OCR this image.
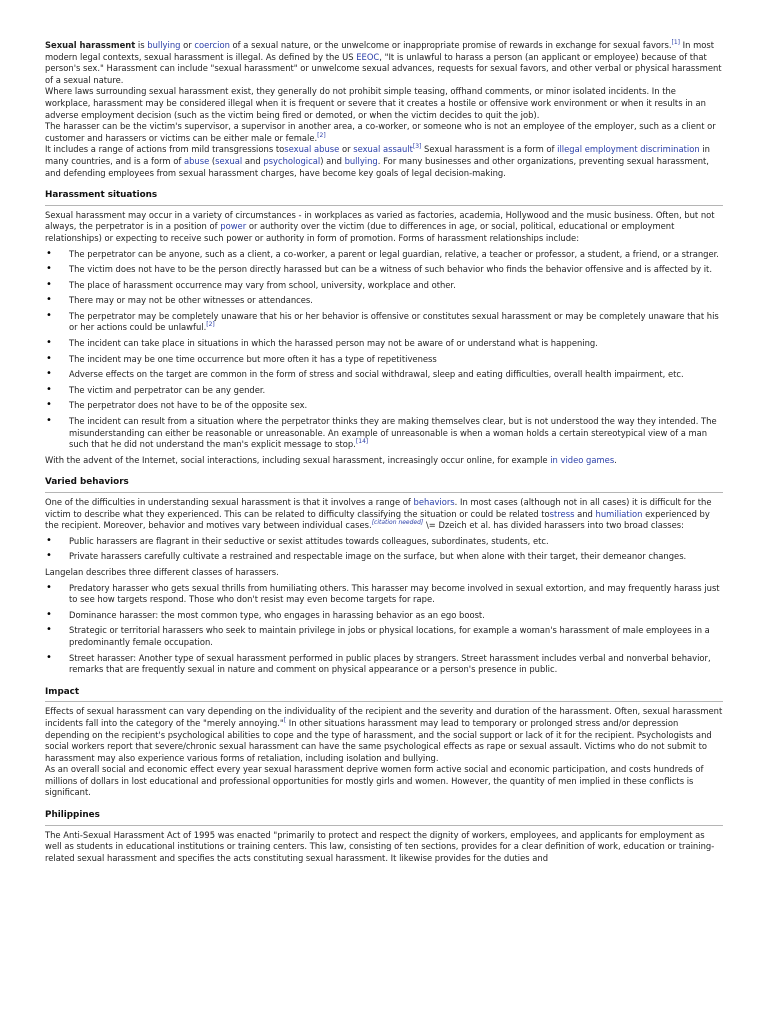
Sexual harassment is bullying or coercion of a sexual nature, or the unwelcome or inappropriate promise of rewards in exchange for sexual favors.[1] In most modern legal contexts, sexual harassment is illegal. As defined by the US EEOC, "It is unlawful to harass a person (an applicant or employee) because of that person's sex." Harassment can include "sexual harassment" or unwelcome sexual advances, requests for sexual favors, and other verbal or physical harassment of a sexual nature.

Where laws surrounding sexual harassment exist, they generally do not prohibit simple teasing, offhand comments, or minor isolated incidents. In the workplace, harassment may be considered illegal when it is frequent or severe that it creates a hostile or offensive work environment or when it results in an adverse employment decision (such as the victim being fired or demoted, or when the victim decides to quit the job).

The harasser can be the victim's supervisor, a supervisor in another area, a co-worker, or someone who is not an employee of the employer, such as a client or customer and harassers or victims can be either male or female.[2]

It includes a range of actions from mild transgressions tosexual abuse or sexual assault[3] Sexual harassment is a form of illegal employment discrimination in many countries, and is a form of abuse (sexual and psychological) and bullying. For many businesses and other organizations, preventing sexual harassment, and defending employees from sexual harassment charges, have become key goals of legal decision-making.

Harassment situations

Sexual harassment may occur in a variety of circumstances - in workplaces as varied as factories, academia, Hollywood and the music business. Often, but not always, the perpetrator is in a position of power or authority over the victim (due to differences in age, or social, political, educational or employment relationships) or expecting to receive such power or authority in form of promotion. Forms of harassment relationships include:

• The perpetrator can be anyone, such as a client, a co-worker, a parent or legal guardian, relative, a teacher or professor, a student, a friend, or a stranger.
• The victim does not have to be the person directly harassed but can be a witness of such behavior who finds the behavior offensive and is affected by it.
• The place of harassment occurrence may vary from school, university, workplace and other.
• There may or may not be other witnesses or attendances.
• The perpetrator may be completely unaware that his or her behavior is offensive or constitutes sexual harassment or may be completely unaware that his or her actions could be unlawful.[2]
• The incident can take place in situations in which the harassed person may not be aware of or understand what is happening.
• The incident may be one time occurrence but more often it has a type of repetitiveness
• Adverse effects on the target are common in the form of stress and social withdrawal, sleep and eating difficulties, overall health impairment, etc.
• The victim and perpetrator can be any gender.
• The perpetrator does not have to be of the opposite sex.
• The incident can result from a situation where the perpetrator thinks they are making themselves clear, but is not understood the way they intended. The misunderstanding can either be reasonable or unreasonable. An example of unreasonable is when a woman holds a certain stereotypical view of a man such that he did not understand the man's explicit message to stop.[14]

With the advent of the Internet, social interactions, including sexual harassment, increasingly occur online, for example in video games.

Varied behaviors

One of the difficulties in understanding sexual harassment is that it involves a range of behaviors. In most cases (although not in all cases) it is difficult for the victim to describe what they experienced. This can be related to difficulty classifying the situation or could be related tostress and humiliation experienced by the recipient. Moreover, behavior and motives vary between individual cases.[citation needed] \= Dzeich et al. has divided harassers into two broad classes:

• Public harassers are flagrant in their seductive or sexist attitudes towards colleagues, subordinates, students, etc.
• Private harassers carefully cultivate a restrained and respectable image on the surface, but when alone with their target, their demeanor changes.

Langelan describes three different classes of harassers.

• Predatory harasser who gets sexual thrills from humiliating others. This harasser may become involved in sexual extortion, and may frequently harass just to see how targets respond. Those who don't resist may even become targets for rape.
• Dominance harasser: the most common type, who engages in harassing behavior as an ego boost.
• Strategic or territorial harassers who seek to maintain privilege in jobs or physical locations, for example a woman's harassment of male employees in a predominantly female occupation.
• Street harasser: Another type of sexual harassment performed in public places by strangers. Street harassment includes verbal and nonverbal behavior, remarks that are frequently sexual in nature and comment on physical appearance or a person's presence in public.
Impact

Effects of sexual harassment can vary depending on the individuality of the recipient and the severity and duration of the harassment. Often, sexual harassment incidents fall into the category of the "merely annoying."[ In other situations harassment may lead to temporary or prolonged stress and/or depression depending on the recipient's psychological abilities to cope and the type of harassment, and the social support or lack of it for the recipient. Psychologists and social workers report that severe/chronic sexual harassment can have the same psychological effects as rape or sexual assault. Victims who do not submit to harassment may also experience various forms of retaliation, including isolation and bullying.

As an overall social and economic effect every year sexual harassment deprive women form active social and economic participation, and costs hundreds of millions of dollars in lost educational and professional opportunities for mostly girls and women. However, the quantity of men implied in these conflicts is significant.

Philippines

The Anti-Sexual Harassment Act of 1995 was enacted "primarily to protect and respect the dignity of workers, employees, and applicants for employment as well as students in educational institutions or training centers. This law, consisting of ten sections, provides for a clear definition of work, education or training-related sexual harassment and specifies the acts constituting sexual harassment. It likewise provides for the duties and
